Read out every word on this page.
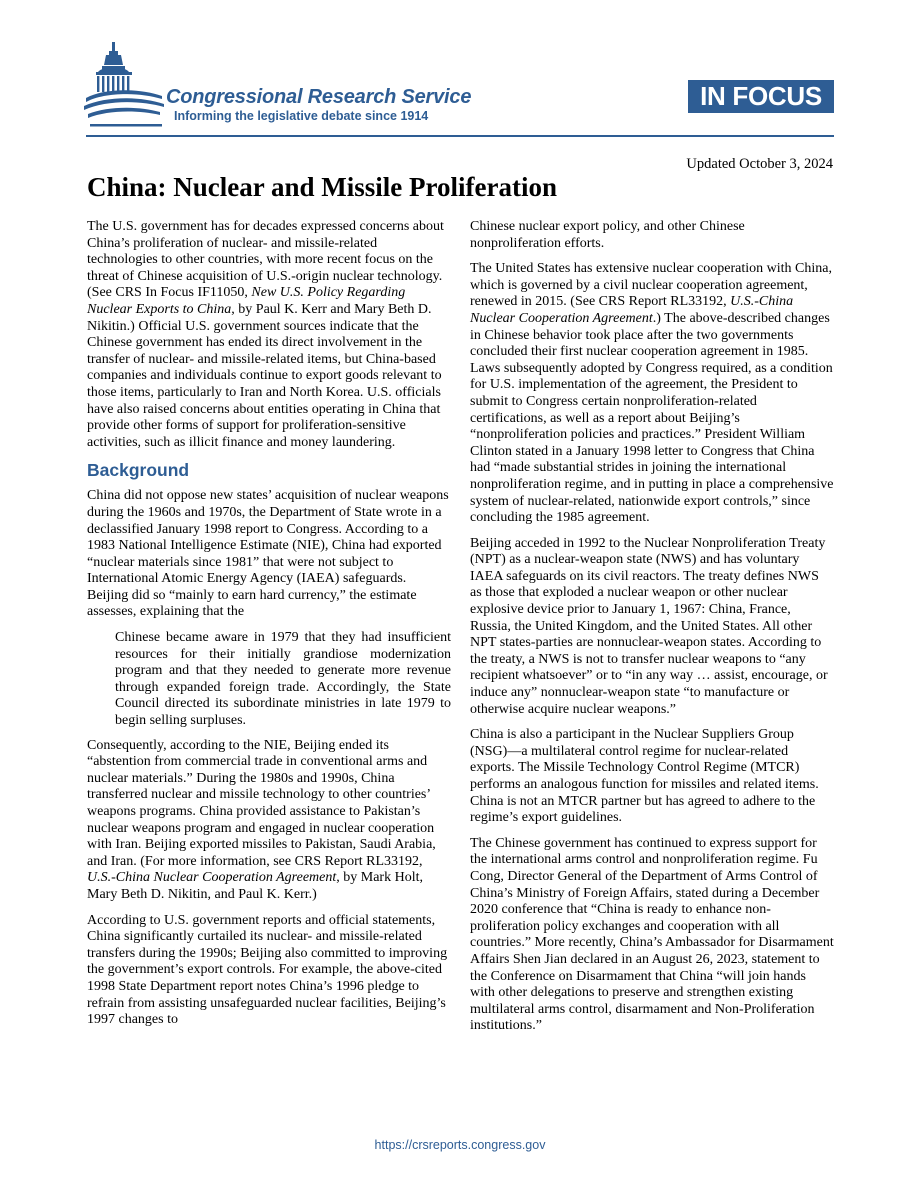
Congressional Research Service
Informing the legislative debate since 1914
IN FOCUS
Updated October 3, 2024
China: Nuclear and Missile Proliferation

The U.S. government has for decades expressed concerns about China’s proliferation of nuclear- and missile-related technologies to other countries, with more recent focus on the threat of Chinese acquisition of U.S.-origin nuclear technology. (See CRS In Focus IF11050, New U.S. Policy Regarding Nuclear Exports to China, by Paul K. Kerr and Mary Beth D. Nikitin.) Official U.S. government sources indicate that the Chinese government has ended its direct involvement in the transfer of nuclear- and missile-related items, but China-based companies and individuals continue to export goods relevant to those items, particularly to Iran and North Korea. U.S. officials have also raised concerns about entities operating in China that provide other forms of support for proliferation-sensitive activities, such as illicit finance and money laundering.

Background

China did not oppose new states’ acquisition of nuclear weapons during the 1960s and 1970s, the Department of State wrote in a declassified January 1998 report to Congress. According to a 1983 National Intelligence Estimate (NIE), China had exported “nuclear materials since 1981” that were not subject to International Atomic Energy Agency (IAEA) safeguards. Beijing did so “mainly to earn hard currency,” the estimate assesses, explaining that the

Chinese became aware in 1979 that they had insufficient resources for their initially grandiose modernization program and that they needed to generate more revenue through expanded foreign trade. Accordingly, the State Council directed its subordinate ministries in late 1979 to begin selling surpluses.

Consequently, according to the NIE, Beijing ended its “abstention from commercial trade in conventional arms and nuclear materials.” During the 1980s and 1990s, China transferred nuclear and missile technology to other countries’ weapons programs. China provided assistance to Pakistan’s nuclear weapons program and engaged in nuclear cooperation with Iran. Beijing exported missiles to Pakistan, Saudi Arabia, and Iran. (For more information, see CRS Report RL33192, U.S.-China Nuclear Cooperation Agreement, by Mark Holt, Mary Beth D. Nikitin, and Paul K. Kerr.)

According to U.S. government reports and official statements, China significantly curtailed its nuclear- and missile-related transfers during the 1990s; Beijing also committed to improving the government’s export controls. For example, the above-cited 1998 State Department report notes China’s 1996 pledge to refrain from assisting unsafeguarded nuclear facilities, Beijing’s 1997 changes to

Chinese nuclear export policy, and other Chinese nonproliferation efforts.

The United States has extensive nuclear cooperation with China, which is governed by a civil nuclear cooperation agreement, renewed in 2015. (See CRS Report RL33192, U.S.-China Nuclear Cooperation Agreement.) The above-described changes in Chinese behavior took place after the two governments concluded their first nuclear cooperation agreement in 1985. Laws subsequently adopted by Congress required, as a condition for U.S. implementation of the agreement, the President to submit to Congress certain nonproliferation-related certifications, as well as a report about Beijing’s “nonproliferation policies and practices.” President William Clinton stated in a January 1998 letter to Congress that China had “made substantial strides in joining the international nonproliferation regime, and in putting in place a comprehensive system of nuclear-related, nationwide export controls,” since concluding the 1985 agreement.

Beijing acceded in 1992 to the Nuclear Nonproliferation Treaty (NPT) as a nuclear-weapon state (NWS) and has voluntary IAEA safeguards on its civil reactors. The treaty defines NWS as those that exploded a nuclear weapon or other nuclear explosive device prior to January 1, 1967: China, France, Russia, the United Kingdom, and the United States. All other NPT states-parties are nonnuclear-weapon states. According to the treaty, a NWS is not to transfer nuclear weapons to “any recipient whatsoever” or to “in any way … assist, encourage, or induce any” nonnuclear-weapon state “to manufacture or otherwise acquire nuclear weapons.”

China is also a participant in the Nuclear Suppliers Group (NSG)—a multilateral control regime for nuclear-related exports. The Missile Technology Control Regime (MTCR) performs an analogous function for missiles and related items. China is not an MTCR partner but has agreed to adhere to the regime’s export guidelines.

The Chinese government has continued to express support for the international arms control and nonproliferation regime. Fu Cong, Director General of the Department of Arms Control of China’s Ministry of Foreign Affairs, stated during a December 2020 conference that “China is ready to enhance non-proliferation policy exchanges and cooperation with all countries.” More recently, China’s Ambassador for Disarmament Affairs Shen Jian declared in an August 26, 2023, statement to the Conference on Disarmament that China “will join hands with other delegations to preserve and strengthen existing multilateral arms control, disarmament and Non-Proliferation institutions.”

https://crsreports.congress.gov
